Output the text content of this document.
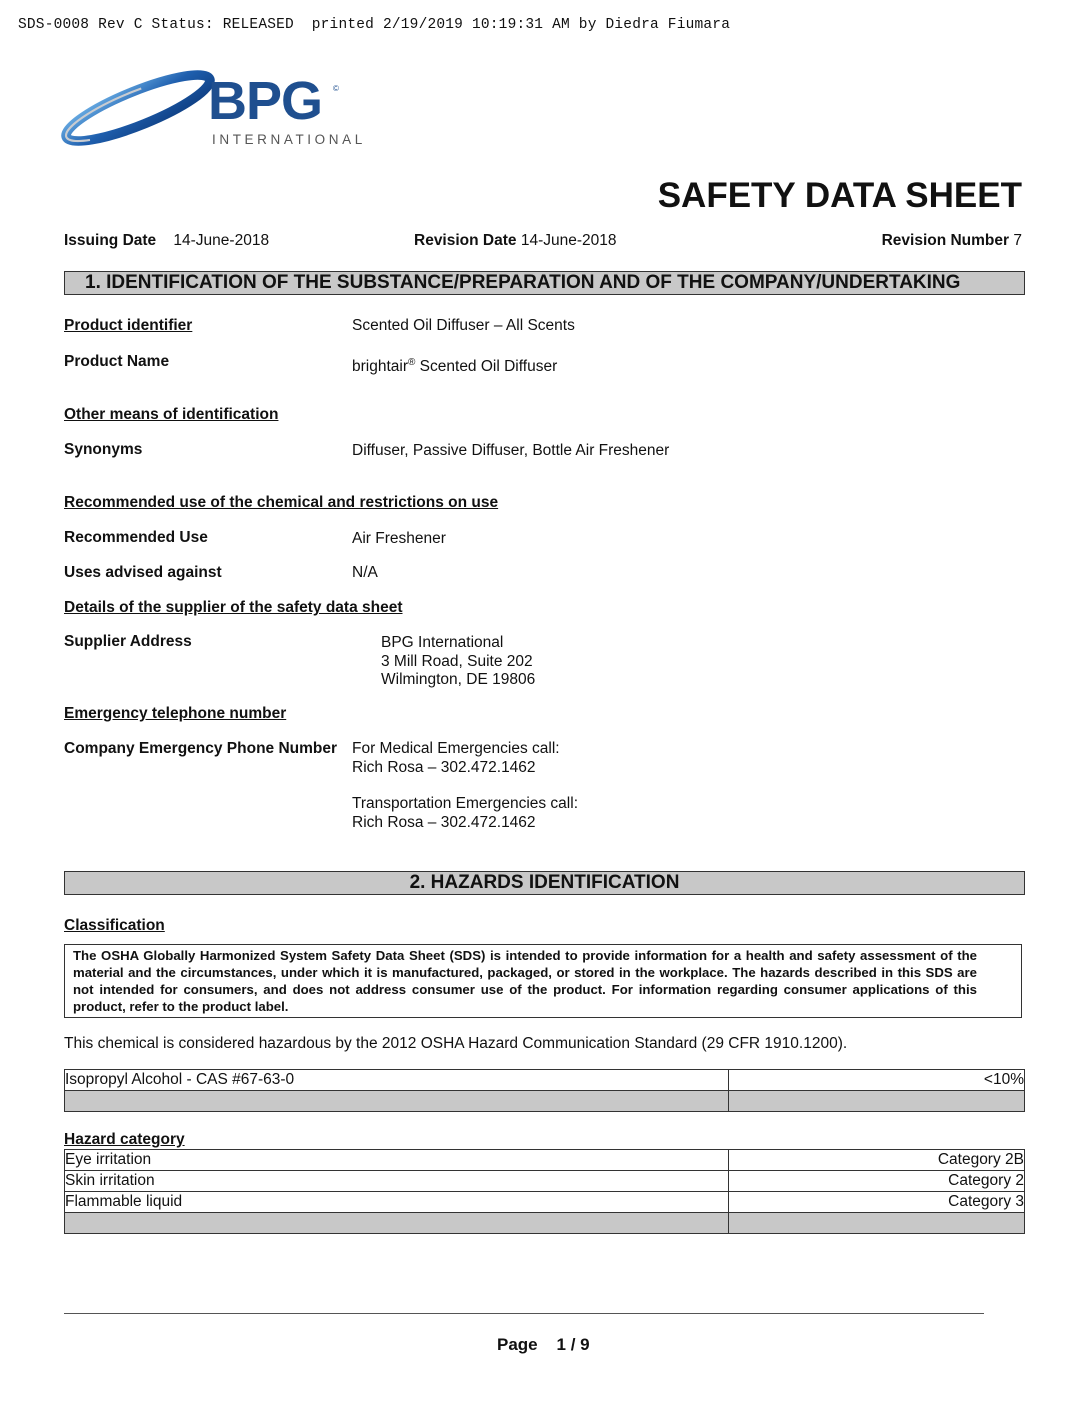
SDS-0008 Rev C Status: RELEASED  printed 2/19/2019 10:19:31 AM by Diedra Fiumara
BPG ©
INTERNATIONAL
SAFETY DATA SHEET
Issuing Date 14-June-2018	Revision Date 14-June-2018	Revision Number 7
1. IDENTIFICATION OF THE SUBSTANCE/PREPARATION AND OF THE COMPANY/UNDERTAKING
Product identifier	Scented Oil Diffuser – All Scents
Product Name	brightair® Scented Oil Diffuser
Other means of identification
Synonyms	Diffuser, Passive Diffuser, Bottle Air Freshener
Recommended use of the chemical and restrictions on use
Recommended Use	Air Freshener
Uses advised against	N/A
Details of the supplier of the safety data sheet
Supplier Address	BPG International
3 Mill Road, Suite 202
Wilmington, DE 19806
Emergency telephone number
Company Emergency Phone Number For Medical Emergencies call:
Rich Rosa – 302.472.1462
Transportation Emergencies call:
Rich Rosa – 302.472.1462
2. HAZARDS IDENTIFICATION
Classification
The OSHA Globally Harmonized System Safety Data Sheet (SDS) is intended to provide information for a health and safety assessment of the material and the circumstances, under which it is manufactured, packaged, or stored in the workplace. The hazards described in this SDS are not intended for consumers, and does not address consumer use of the product. For information regarding consumer applications of this product, refer to the product label.
This chemical is considered hazardous by the 2012 OSHA Hazard Communication Standard (29 CFR 1910.1200).
Isopropyl Alcohol - CAS #67-63-0	<10%

Hazard category
Eye irritation	Category 2B
Skin irritation	Category 2
Flammable liquid	Category 3

Page 1 / 9
